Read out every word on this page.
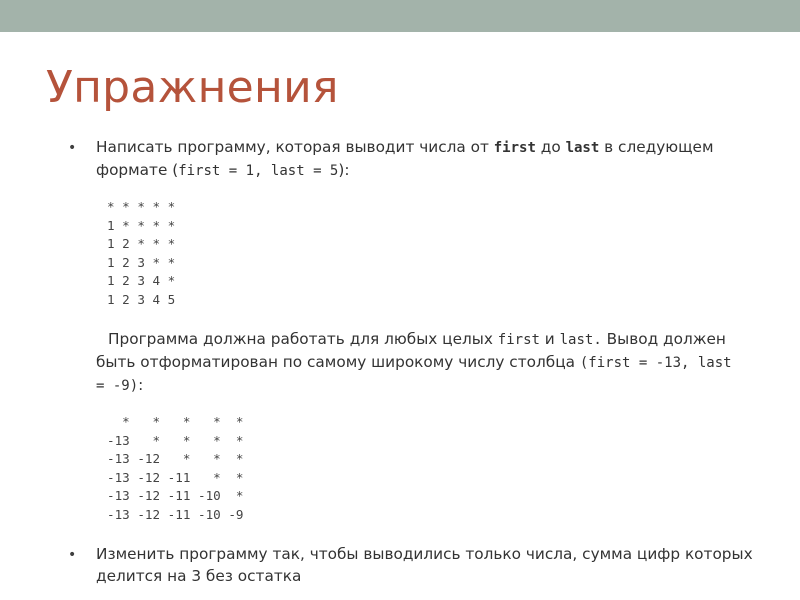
Упражнения
• Написать программу, которая выводит числа от first до last в следующем формате (first = 1, last = 5):
* * * * *
1 * * * *
1 2 * * *
1 2 3 * *
1 2 3 4 *
1 2 3 4 5
Программа должна работать для любых целых first и last. Вывод должен быть отформатирован по самому широкому числу столбца (first = -13, last = -9):
*   *   *   *  *
-13   *   *   *  *
-13 -12   *   *  *
-13 -12 -11   *  *
-13 -12 -11 -10  *
-13 -12 -11 -10 -9
• Изменить программу так, чтобы выводились только числа, сумма цифр которых делится на 3 без остатка
